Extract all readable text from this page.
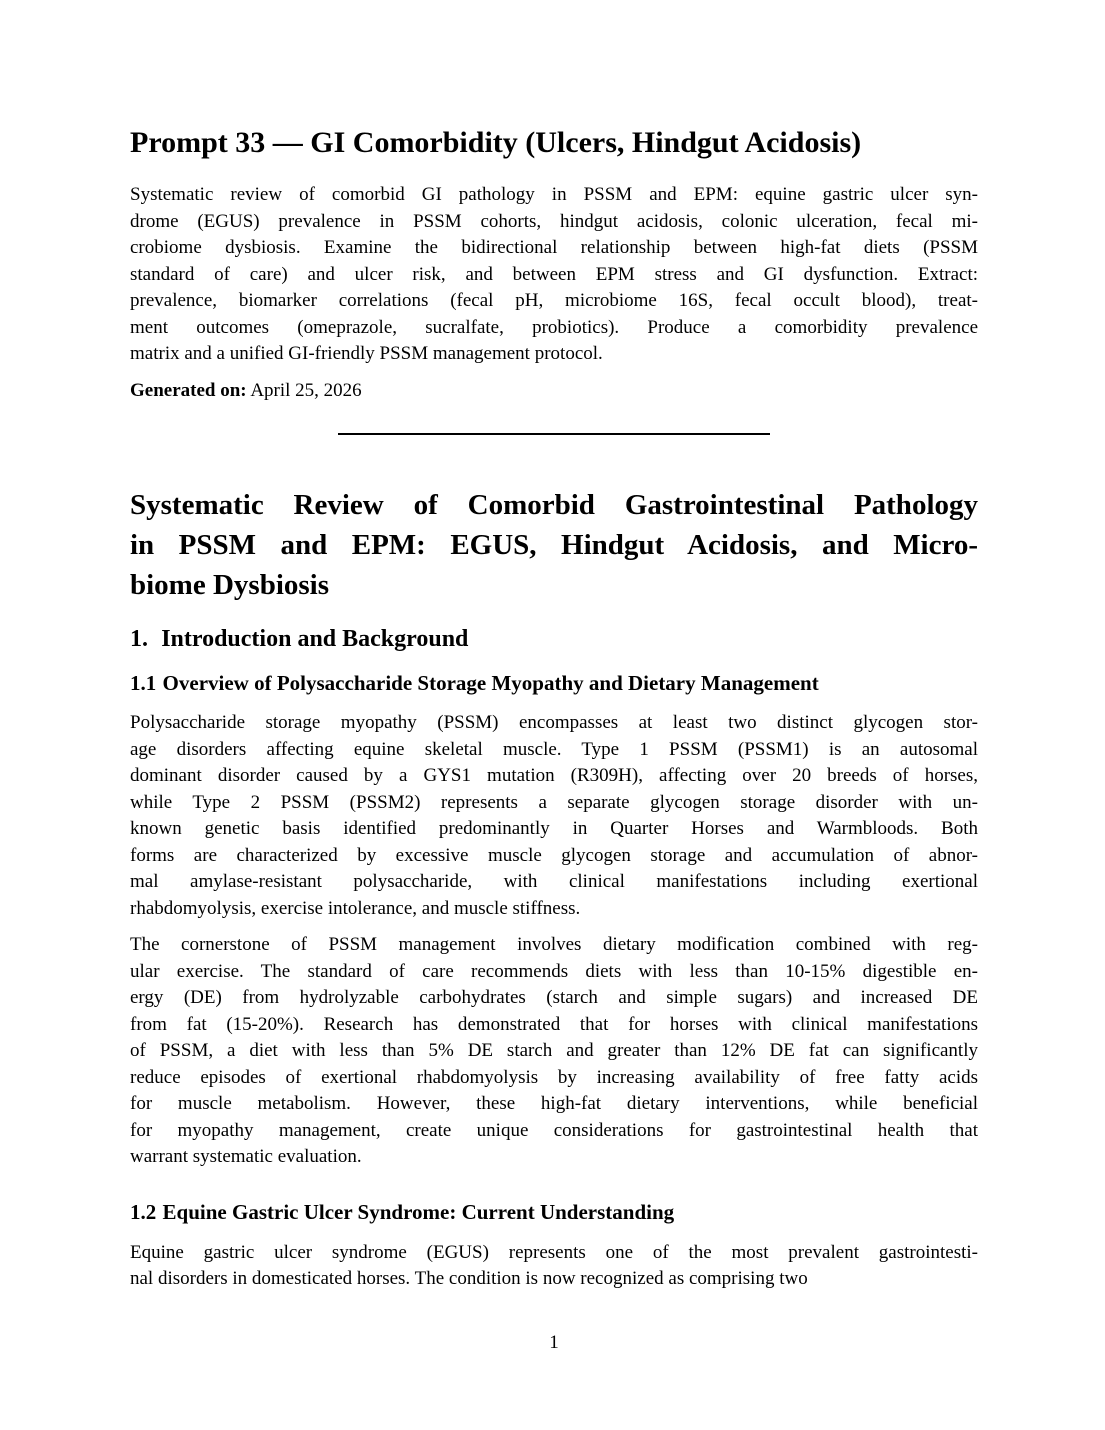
Prompt 33 — GI Comorbidity (Ulcers, Hindgut Acidosis)
Systematic review of comorbid GI pathology in PSSM and EPM: equine gastric ulcer syn-
drome (EGUS) prevalence in PSSM cohorts, hindgut acidosis, colonic ulceration, fecal mi-
crobiome dysbiosis. Examine the bidirectional relationship between high-fat diets (PSSM
standard of care) and ulcer risk, and between EPM stress and GI dysfunction. Extract:
prevalence, biomarker correlations (fecal pH, microbiome 16S, fecal occult blood), treat-
ment outcomes (omeprazole, sucralfate, probiotics). Produce a comorbidity prevalence
matrix and a unified GI-friendly PSSM management protocol.
Generated on: April 25, 2026
Systematic Review of Comorbid Gastrointestinal Pathology
in PSSM and EPM: EGUS, Hindgut Acidosis, and Micro-
biome Dysbiosis
1. Introduction and Background
1.1 Overview of Polysaccharide Storage Myopathy and Dietary Management
Polysaccharide storage myopathy (PSSM) encompasses at least two distinct glycogen stor-
age disorders affecting equine skeletal muscle. Type 1 PSSM (PSSM1) is an autosomal
dominant disorder caused by a GYS1 mutation (R309H), affecting over 20 breeds of horses,
while Type 2 PSSM (PSSM2) represents a separate glycogen storage disorder with un-
known genetic basis identified predominantly in Quarter Horses and Warmbloods. Both
forms are characterized by excessive muscle glycogen storage and accumulation of abnor-
mal amylase-resistant polysaccharide, with clinical manifestations including exertional
rhabdomyolysis, exercise intolerance, and muscle stiffness.
The cornerstone of PSSM management involves dietary modification combined with reg-
ular exercise. The standard of care recommends diets with less than 10-15% digestible en-
ergy (DE) from hydrolyzable carbohydrates (starch and simple sugars) and increased DE
from fat (15-20%). Research has demonstrated that for horses with clinical manifestations
of PSSM, a diet with less than 5% DE starch and greater than 12% DE fat can significantly
reduce episodes of exertional rhabdomyolysis by increasing availability of free fatty acids
for muscle metabolism. However, these high-fat dietary interventions, while beneficial
for myopathy management, create unique considerations for gastrointestinal health that
warrant systematic evaluation.
1.2 Equine Gastric Ulcer Syndrome: Current Understanding
Equine gastric ulcer syndrome (EGUS) represents one of the most prevalent gastrointesti-
nal disorders in domesticated horses. The condition is now recognized as comprising two
1
